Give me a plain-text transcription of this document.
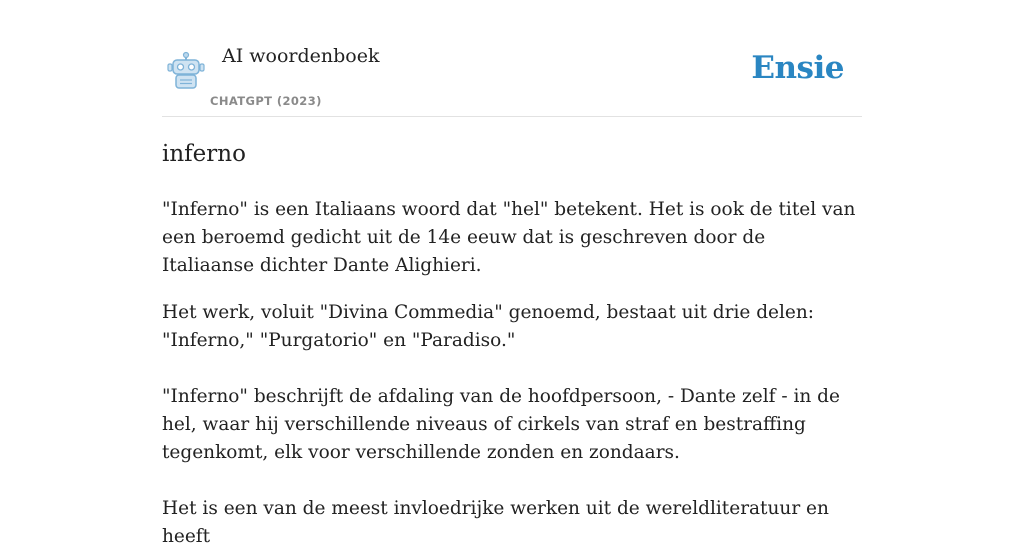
AI woordenboek
CHATGPT (2023)
Ensie
inferno

"Inferno" is een Italiaans woord dat "hel" betekent. Het is ook de titel van een beroemd gedicht uit de 14e eeuw dat is geschreven door de Italiaanse dichter Dante Alighieri.

Het werk, voluit "Divina Commedia" genoemd, bestaat uit drie delen: "Inferno," "Purgatorio" en "Paradiso."

"Inferno" beschrijft de afdaling van de hoofdpersoon, - Dante zelf - in de hel, waar hij verschillende niveaus of cirkels van straf en bestraffing tegenkomt, elk voor verschillende zonden en zondaars.

Het is een van de meest invloedrijke werken uit de wereldliteratuur en heeft
